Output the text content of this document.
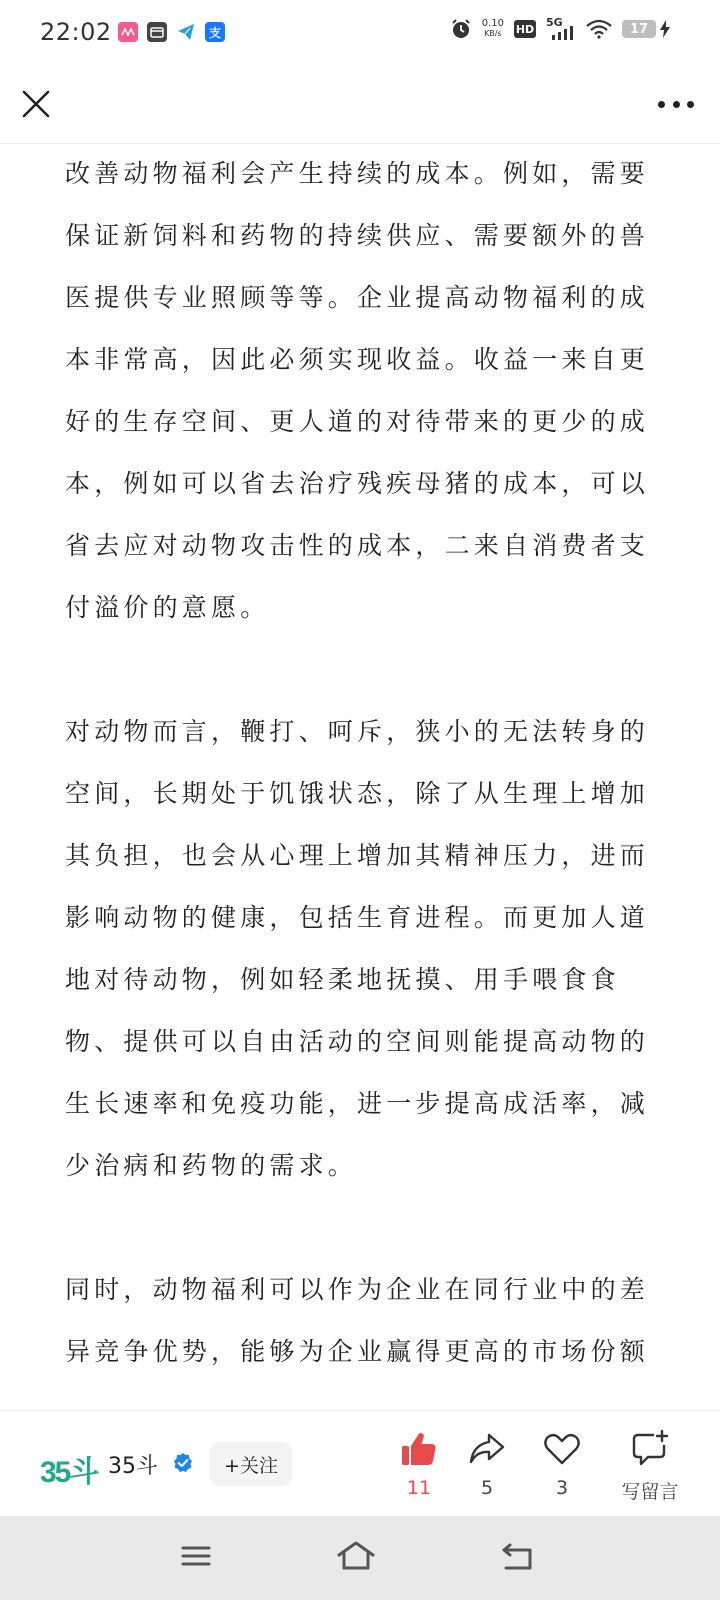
22:02	支
0.10
KB/s HD 5G	17

改善动物福利会产生持续的成本。例如，需要保证新饲料和药物的持续供应、需要额外的兽医提供专业照顾等等。企业提高动物福利的成本非常高，因此必须实现收益。收益一来自更好的生存空间、更人道的对待带来的更少的成本，例如可以省去治疗残疾母猪的成本，可以省去应对动物攻击性的成本，二来自消费者支付溢价的意愿。

对动物而言，鞭打、呵斥，狭小的无法转身的空间，长期处于饥饿状态，除了从生理上增加其负担，也会从心理上增加其精神压力，进而影响动物的健康，包括生育进程。而更加人道地对待动物，例如轻柔地抚摸、用手喂食食物、提供可以自由活动的空间则能提高动物的生长速率和免疫功能，进一步提高成活率，减少治病和药物的需求。

同时，动物福利可以作为企业在同行业中的差异竞争优势，能够为企业赢得更高的市场份额

35斗 35斗	+关注
11	5	3	写留言
